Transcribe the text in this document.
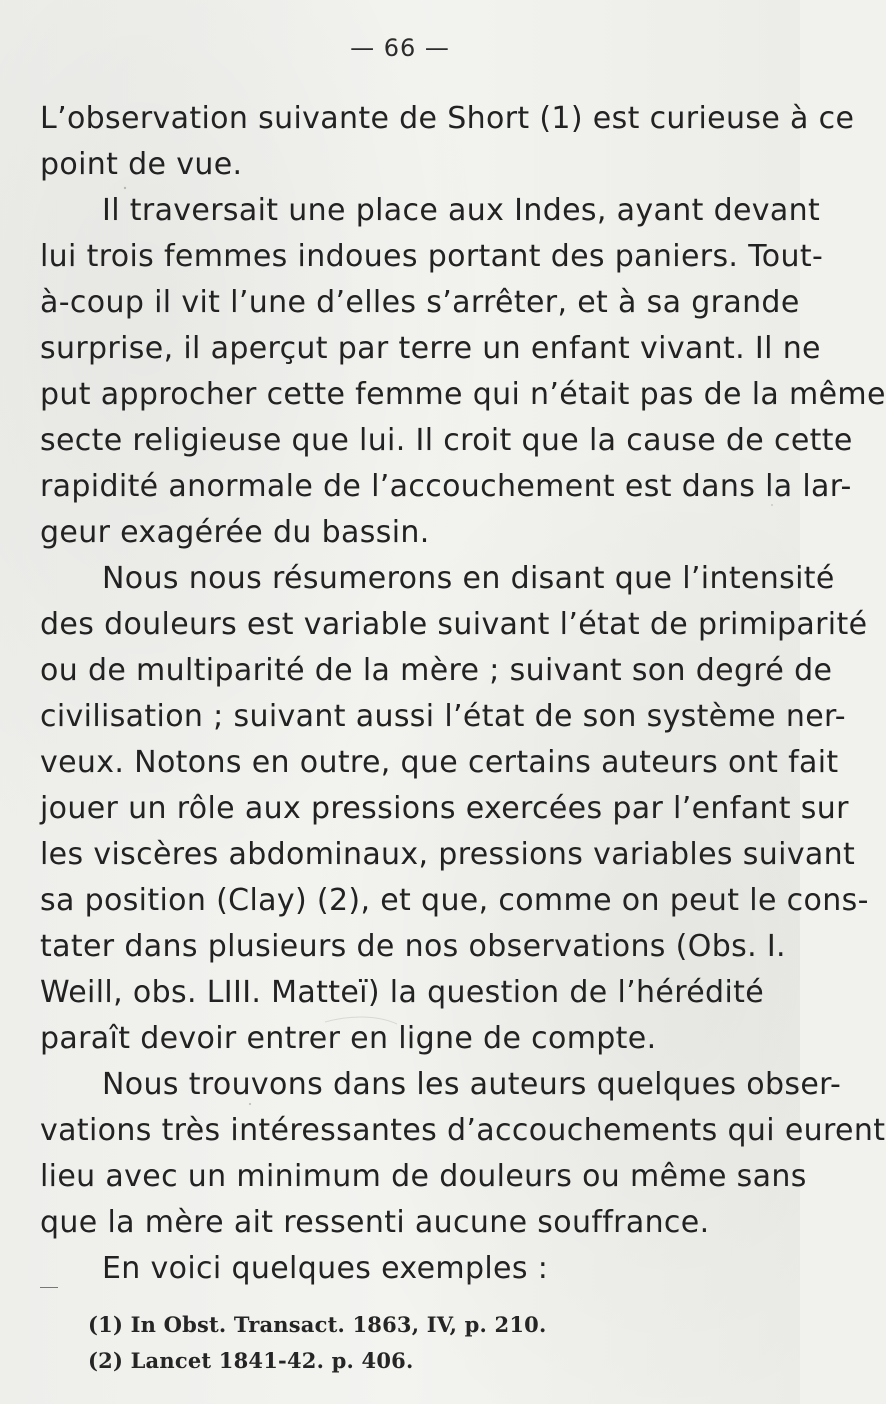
— 66 —
L’observation suivante de Short (1) est curieuse à ce
point de vue.
Il traversait une place aux Indes, ayant devant
lui trois femmes indoues portant des paniers. Tout-
à-coup il vit l’une d’elles s’arrêter, et à sa grande
surprise, il aperçut par terre un enfant vivant. Il ne
put approcher cette femme qui n’était pas de la même
secte religieuse que lui. Il croit que la cause de cette
rapidité anormale de l’accouchement est dans la lar-
geur exagérée du bassin.
Nous nous résumerons en disant que l’intensité
des douleurs est variable suivant l’état de primiparité
ou de multiparité de la mère ; suivant son degré de
civilisation ; suivant aussi l’état de son système ner-
veux. Notons en outre, que certains auteurs ont fait
jouer un rôle aux pressions exercées par l’enfant sur
les viscères abdominaux, pressions variables suivant
sa position (Clay) (2), et que, comme on peut le cons-
tater dans plusieurs de nos observations (Obs. I.
Weill, obs. LIII. Matteï) la question de l’hérédité
paraît devoir entrer en ligne de compte.
Nous trouvons dans les auteurs quelques obser-
vations très intéressantes d’accouchements qui eurent
lieu avec un minimum de douleurs ou même sans
que la mère ait ressenti aucune souffrance.
En voici quelques exemples :
(1) In Obst. Transact. 1863, IV, p. 210.
(2) Lancet 1841-42. p. 406.
